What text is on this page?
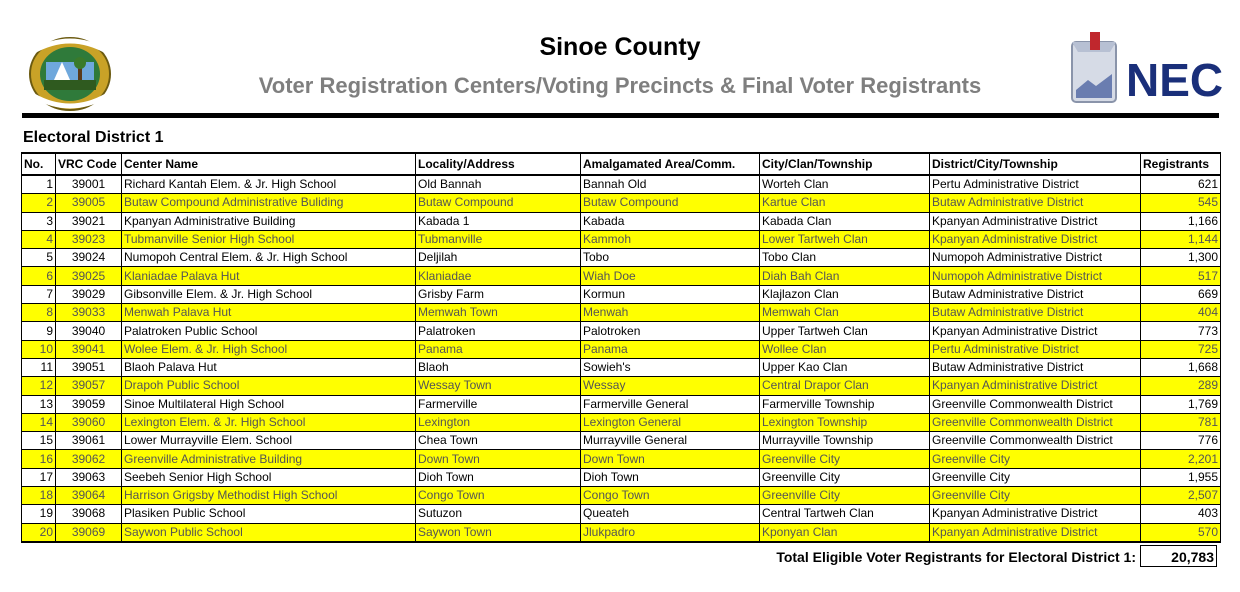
Sinoe County
Voter Registration Centers/Voting Precincts & Final Voter Registrants	NEC
Electoral District 1
No.	VRC Code	Center Name	Locality/Address	Amalgamated Area/Comm.	City/Clan/Township	District/City/Township	Registrants
1	39001	Richard Kantah Elem. & Jr. High School	Old Bannah	Bannah Old	Worteh Clan	Pertu Administrative District	621
2	39005	Butaw Compound Administrative Buliding	Butaw Compound	Butaw Compound	Kartue Clan	Butaw Administrative District	545
3	39021	Kpanyan Administrative Building	Kabada 1	Kabada	Kabada Clan	Kpanyan Administrative District	1,166
4	39023	Tubmanville Senior High School	Tubmanville	Kammoh	Lower Tartweh Clan	Kpanyan Administrative District	1,144
5	39024	Numopoh Central Elem. & Jr. High School	Deljilah	Tobo	Tobo Clan	Numopoh Administrative District	1,300
6	39025	Klaniadae Palava Hut	Klaniadae	Wiah Doe	Diah Bah Clan	Numopoh Administrative District	517
7	39029	Gibsonville Elem. & Jr. High School	Grisby Farm	Kormun	Klajlazon Clan	Butaw Administrative District	669
8	39033	Menwah Palava Hut	Memwah Town	Menwah	Memwah Clan	Butaw Administrative District	404
9	39040	Palatroken Public School	Palatroken	Palotroken	Upper Tartweh Clan	Kpanyan Administrative District	773
10	39041	Wolee Elem. & Jr. High School	Panama	Panama	Wollee Clan	Pertu Administrative District	725
11	39051	Blaoh Palava Hut	Blaoh	Sowieh's	Upper Kao Clan	Butaw Administrative District	1,668
12	39057	Drapoh Public School	Wessay Town	Wessay	Central Drapor Clan	Kpanyan Administrative District	289
13	39059	Sinoe Multilateral High School	Farmerville	Farmerville General	Farmerville Township	Greenville Commonwealth District	1,769
14	39060	Lexington Elem. & Jr. High School	Lexington	Lexington General	Lexington Township	Greenville Commonwealth District	781
15	39061	Lower Murrayville Elem. School	Chea Town	Murrayville General	Murrayville Township	Greenville Commonwealth District	776
16	39062	Greenville Administrative Building	Down Town	Down Town	Greenville City	Greenville City	2,201
17	39063	Seebeh Senior High School	Dioh Town	Dioh Town	Greenville City	Greenville City	1,955
18	39064	Harrison Grigsby Methodist High School	Congo Town	Congo Town	Greenville City	Greenville City	2,507
19	39068	Plasiken Public School	Sutuzon	Queateh	Central Tartweh Clan	Kpanyan Administrative District	403
20	39069	Saywon Public School	Saywon Town	Jlukpadro	Kponyan Clan	Kpanyan Administrative District	570
Total Eligible Voter Registrants for Electoral District 1:	20,783
